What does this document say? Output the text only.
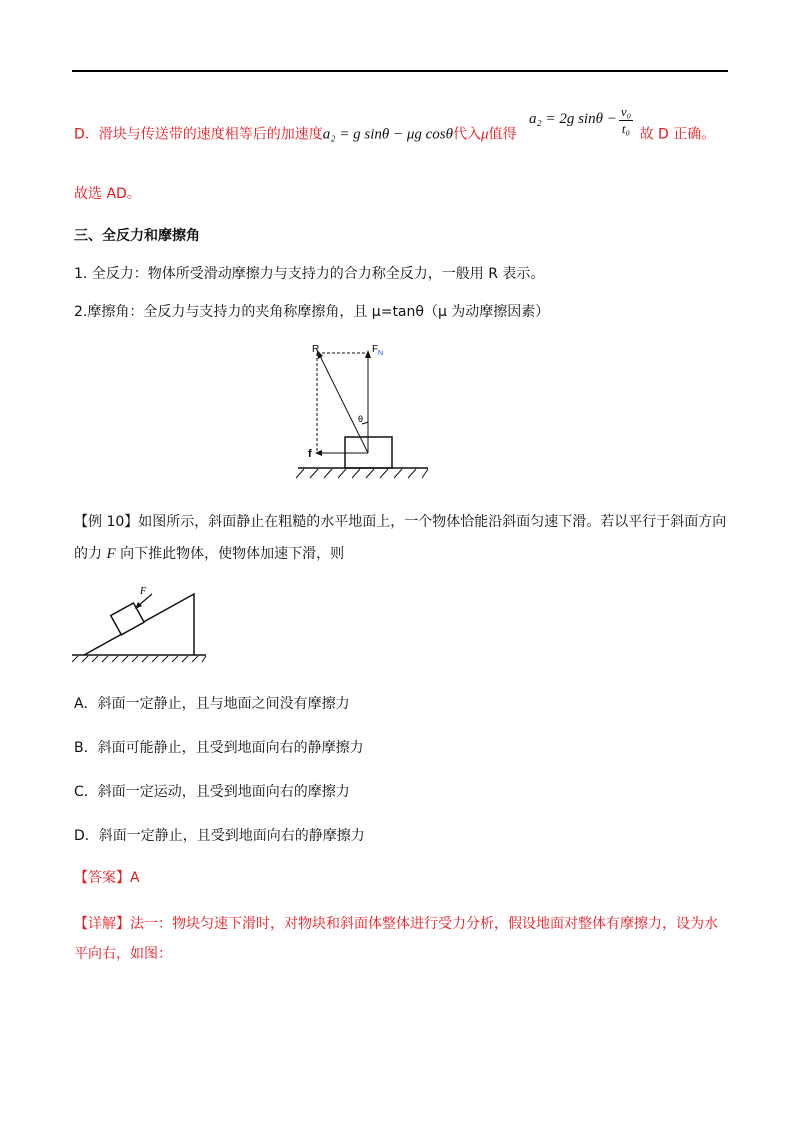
D．滑块与传送带的速度相等后的加速度a₂ = g sinθ − μg cosθ代入μ值得 a₂ = 2g $\sin\theta - \frac{\text{v₀}}{\text{t₀}}$ 故 D 正确。
故选 AD。
三、全反力和摩擦角
1. 全反力：物体所受滑动摩擦力与支持力的合力称全反力，一般用 R 表示。
2.摩擦角：全反力与支持力的夹角称摩擦角，且 μ=tanθ（μ 为动摩擦因素）
R	F N
θ
f
【例 10】如图所示，斜面静止在粗糙的水平地面上，一个物体恰能沿斜面匀速下滑。若以平行于斜面方向
的力 F 向下推此物体，使物体加速下滑，则
F
A．斜面一定静止，且与地面之间没有摩擦力
B．斜面可能静止，且受到地面向右的静摩擦力
C．斜面一定运动，且受到地面向右的摩擦力
D．斜面一定静止，且受到地面向右的静摩擦力
【答案】A
【详解】法一：物块匀速下滑时，对物块和斜面体整体进行受力分析，假设地面对整体有摩擦力，设为水
平向右，如图：
